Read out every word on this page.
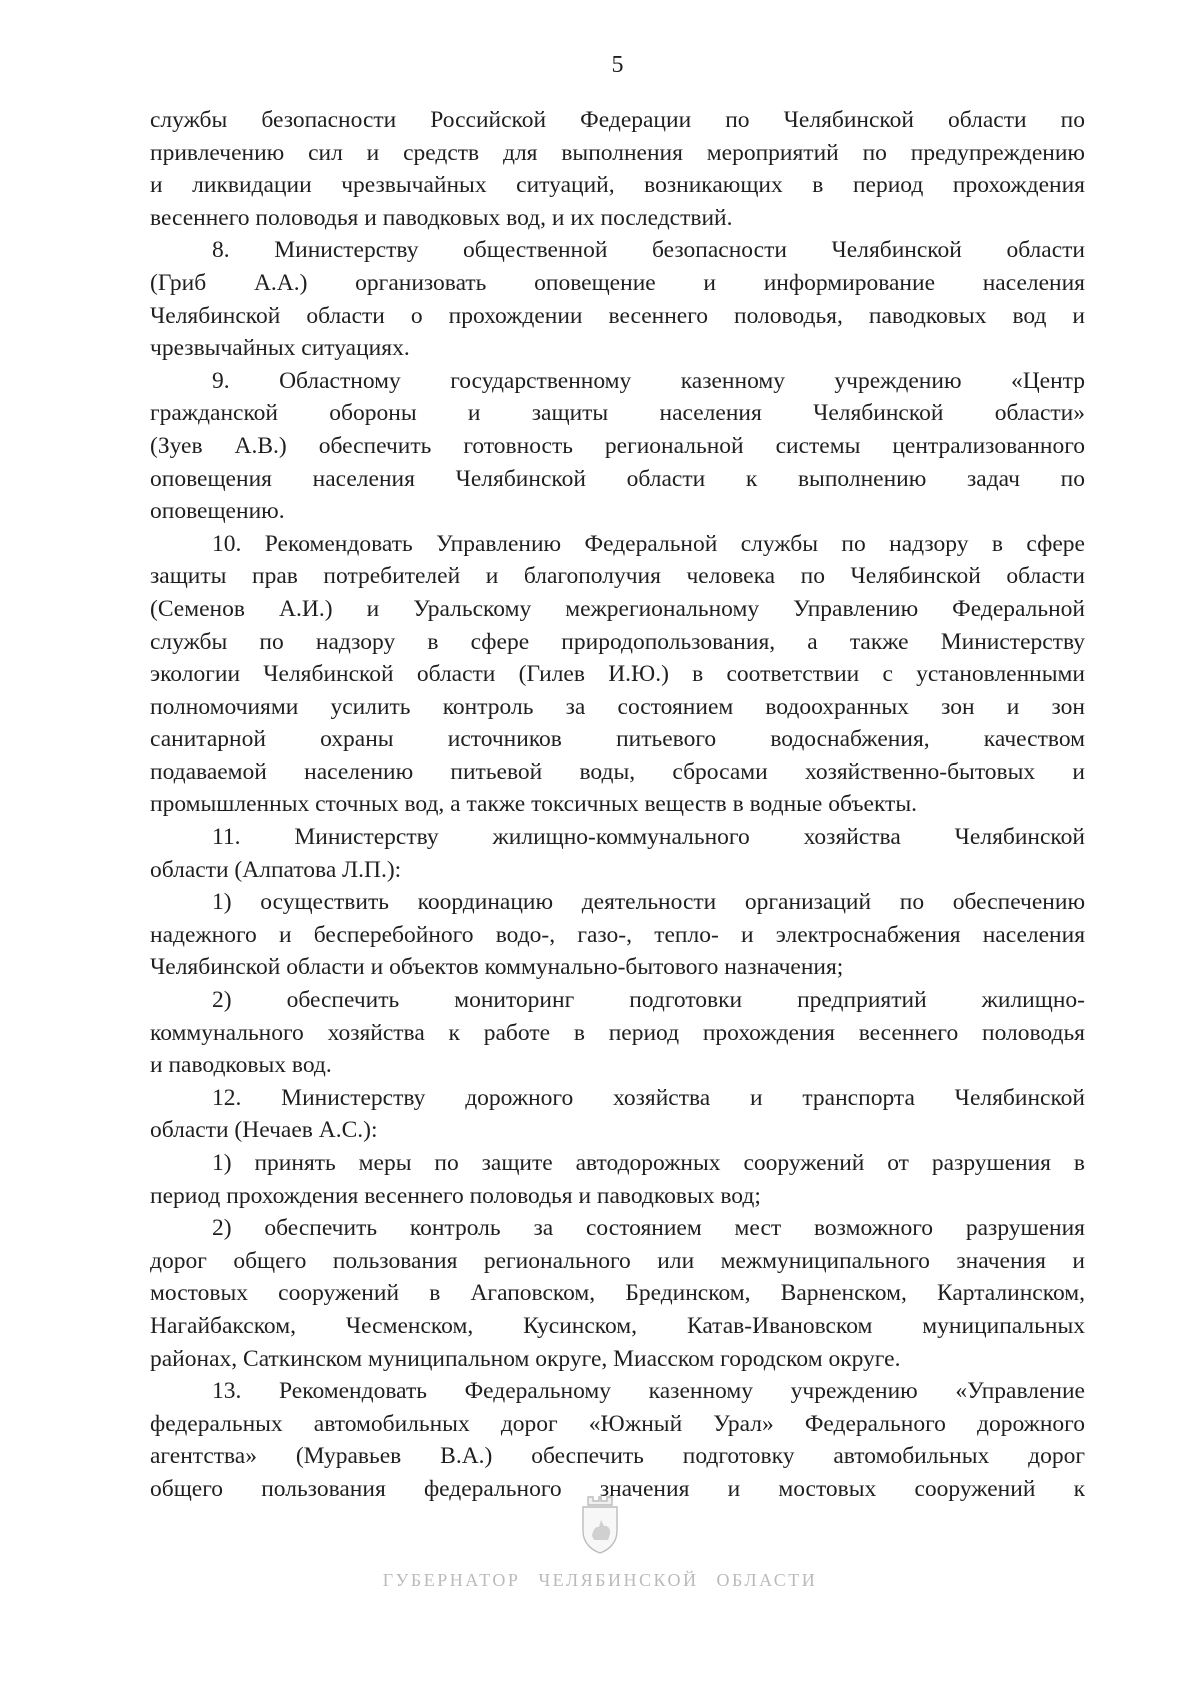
5
службы безопасности Российской Федерации по Челябинской области по
привлечению сил и средств для выполнения мероприятий по предупреждению
и ликвидации чрезвычайных ситуаций, возникающих в период прохождения
весеннего половодья и паводковых вод, и их последствий.
8. Министерству общественной безопасности Челябинской области
(Гриб А.А.) организовать оповещение и информирование населения
Челябинской области о прохождении весеннего половодья, паводковых вод и
чрезвычайных ситуациях.
9. Областному государственному казенному учреждению «Центр
гражданской обороны и защиты населения Челябинской области»
(Зуев А.В.) обеспечить готовность региональной системы централизованного
оповещения населения Челябинской области к выполнению задач по
оповещению.
10. Рекомендовать Управлению Федеральной службы по надзору в сфере
защиты прав потребителей и благополучия человека по Челябинской области
(Семенов А.И.) и Уральскому межрегиональному Управлению Федеральной
службы по надзору в сфере природопользования, а также Министерству
экологии Челябинской области (Гилев И.Ю.) в соответствии с установленными
полномочиями усилить контроль за состоянием водоохранных зон и зон
санитарной охраны источников питьевого водоснабжения, качеством
подаваемой населению питьевой воды, сбросами хозяйственно-бытовых и
промышленных сточных вод, а также токсичных веществ в водные объекты.
11. Министерству жилищно-коммунального хозяйства Челябинской
области (Алпатова Л.П.):
1) осуществить координацию деятельности организаций по обеспечению
надежного и бесперебойного водо-, газо-, тепло- и электроснабжения населения
Челябинской области и объектов коммунально-бытового назначения;
2) обеспечить мониторинг подготовки предприятий жилищно-
коммунального хозяйства к работе в период прохождения весеннего половодья
и паводковых вод.
12. Министерству дорожного хозяйства и транспорта Челябинской
области (Нечаев А.С.):
1) принять меры по защите автодорожных сооружений от разрушения в
период прохождения весеннего половодья и паводковых вод;
2) обеспечить контроль за состоянием мест возможного разрушения
дорог общего пользования регионального или межмуниципального значения и
мостовых сооружений в Агаповском, Брединском, Варненском, Карталинском,
Нагайбакском, Чесменском, Кусинском, Катав-Ивановском муниципальных
районах, Саткинском муниципальном округе, Миасском городском округе.
13. Рекомендовать Федеральному казенному учреждению «Управление
федеральных автомобильных дорог «Южный Урал» Федерального дорожного
агентства» (Муравьев В.А.) обеспечить подготовку автомобильных дорог
общего пользования федерального значения и мостовых сооружений к
ГУБЕРНАТОР ЧЕЛЯБИНСКОЙ ОБЛАСТИ
